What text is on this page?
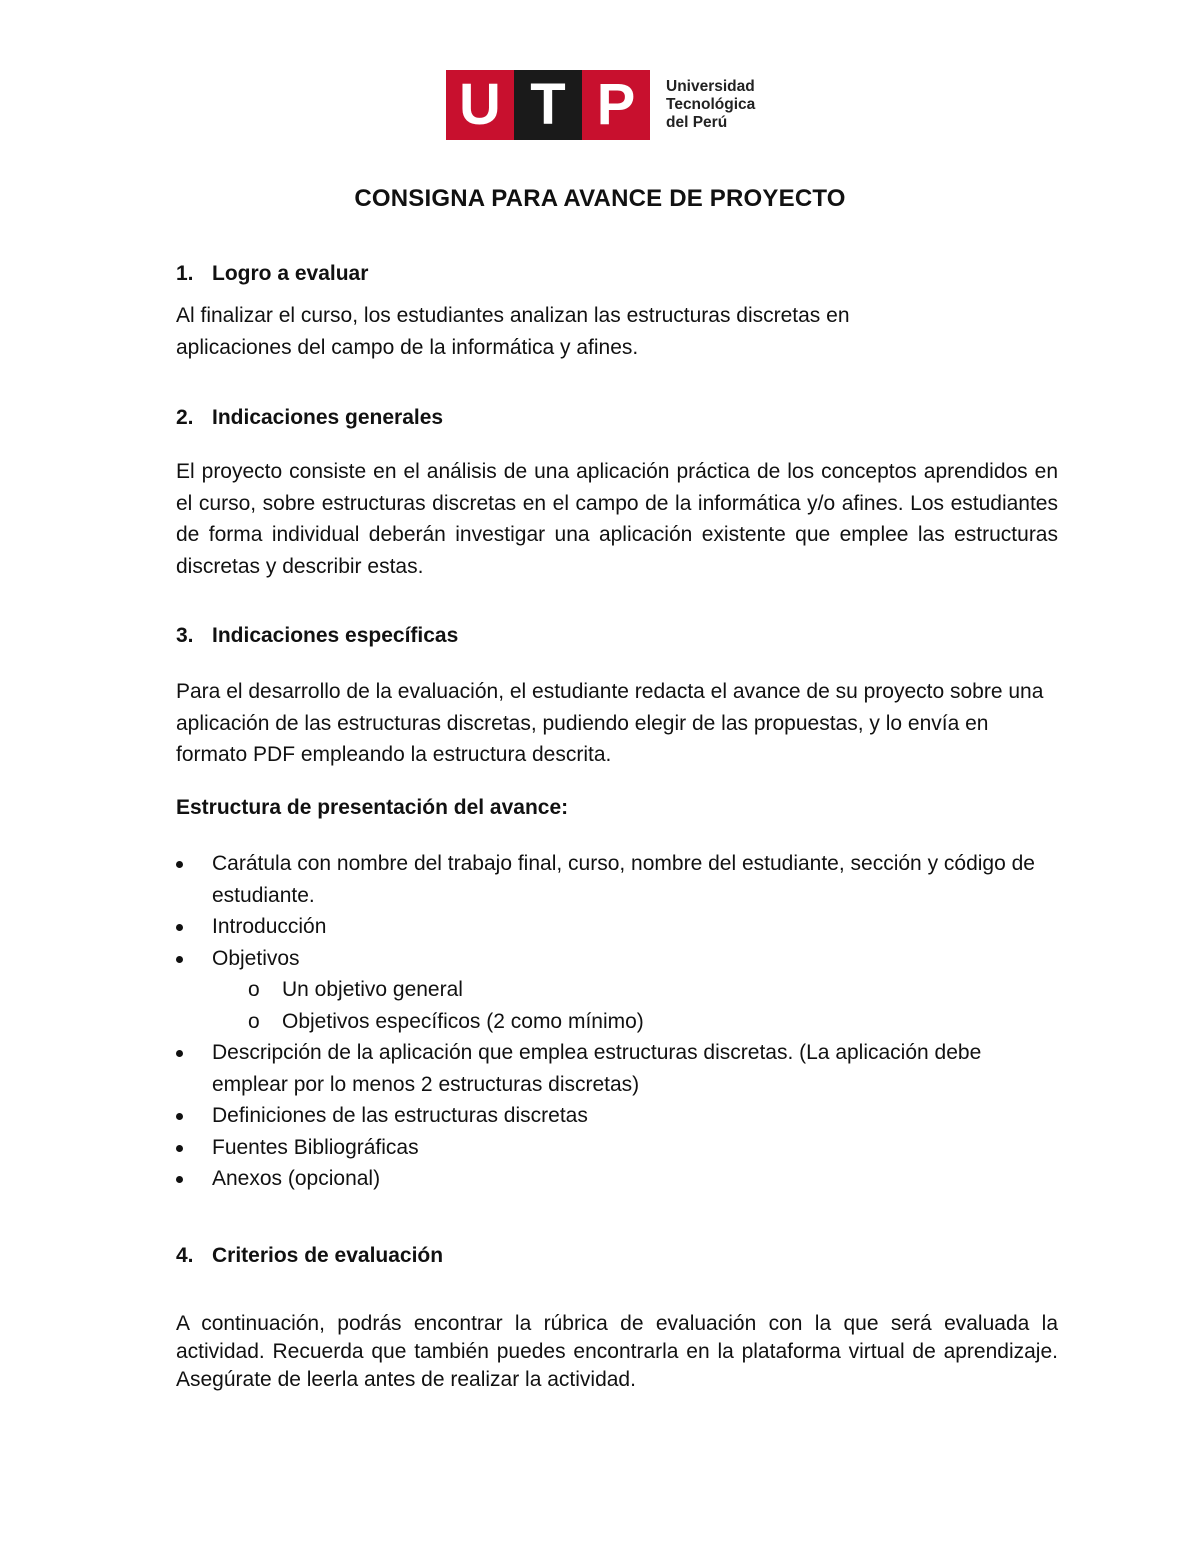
U T P	Universidad
Tecnológica
del Perú
CONSIGNA PARA AVANCE DE PROYECTO
1. Logro a evaluar
Al finalizar el curso, los estudiantes analizan las estructuras discretas en
aplicaciones del campo de la informática y afines.
2. Indicaciones generales
El proyecto consiste en el análisis de una aplicación práctica de los conceptos aprendidos en el curso, sobre estructuras discretas en el campo de la informática y/o afines. Los estudiantes de forma individual deberán investigar una aplicación existente que emplee las estructuras discretas y describir estas.
3. Indicaciones específicas
Para el desarrollo de la evaluación, el estudiante redacta el avance de su proyecto sobre una aplicación de las estructuras discretas, pudiendo elegir de las propuestas, y lo envía en formato PDF empleando la estructura descrita.
Estructura de presentación del avance:
Carátula con nombre del trabajo final, curso, nombre del estudiante, sección y código de estudiante.
Introducción
Objetivos
o Un objetivo general
o Objetivos específicos (2 como mínimo)
Descripción de la aplicación que emplea estructuras discretas. (La aplicación debe emplear por lo menos 2 estructuras discretas)
Definiciones de las estructuras discretas
Fuentes Bibliográficas
Anexos (opcional)
4. Criterios de evaluación
A continuación, podrás encontrar la rúbrica de evaluación con la que será evaluada la actividad. Recuerda que también puedes encontrarla en la plataforma virtual de aprendizaje. Asegúrate de leerla antes de realizar la actividad.
